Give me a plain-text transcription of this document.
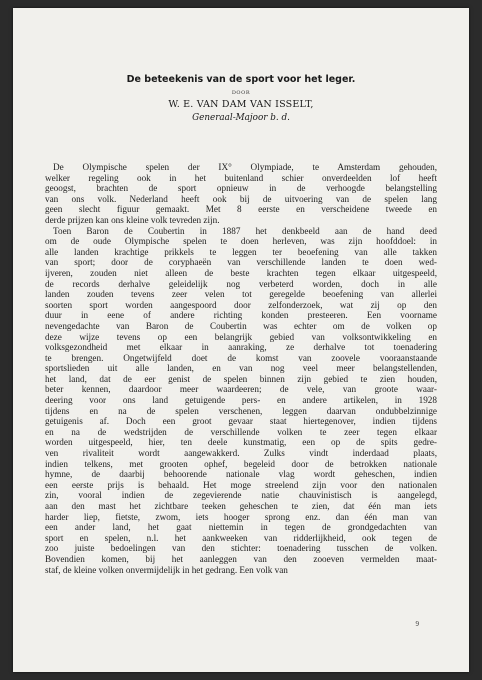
De beteekenis van de sport voor het leger.
DOOR
W. E. VAN DAM VAN ISSELT,
Generaal-Majoor b. d.
De Olympische spelen der IX° Olympiade, te Amsterdam gehouden,
welker regeling ook in het buitenland schier onverdeelden lof heeft
geoogst, brachten de sport opnieuw in de verhoogde belangstelling
van ons volk. Nederland heeft ook bij de uitvoering van de spelen lang
geen slecht figuur gemaakt. Met 8 eerste en verscheidene tweede en
derde prijzen kan ons kleine volk tevreden zijn.
Toen Baron de Coubertin in 1887 het denkbeeld aan de hand deed
om de oude Olympische spelen te doen herleven, was zijn hoofddoel: in
alle landen krachtige prikkels te leggen ter beoefening van alle takken
van sport; door de coryphaeën van verschillende landen te doen wed-
ijveren, zouden niet alleen de beste krachten tegen elkaar uitgespeeld,
de records derhalve geleidelijk nog verbeterd worden, doch in alle
landen zouden tevens zeer velen tot geregelde beoefening van allerlei
soorten sport worden aangespoord door zelfonderzoek, wat zij op den
duur in eene of andere richting konden presteeren. Een voorname
nevengedachte van Baron de Coubertin was echter om de volken op
deze wijze tevens op een belangrijk gebied van volksontwikkeling en
volksgezondheid met elkaar in aanraking, ze derhalve tot toenadering
te brengen. Ongetwijfeld doet de komst van zoovele vooraanstaande
sportslieden uit alle landen, en van nog veel meer belangstellenden,
het land, dat de eer genist de spelen binnen zijn gebied te zien houden,
beter kennen, daardoor meer waardeeren; de vele, van groote waar-
deering voor ons land getuigende pers- en andere artikelen, in 1928
tijdens en na de spelen verschenen, leggen daarvan ondubbelzinnige
getuigenis af. Doch een groot gevaar staat hiertegenover, indien tijdens
en na de wedstrijden de verschillende volken te zeer tegen elkaar
worden uitgespeeld, hier, ten deele kunstmatig, een op de spits gedre-
ven rivaliteit wordt aangewakkerd. Zulks vindt inderdaad plaats,
indien telkens, met grooten ophef, begeleid door de betrokken nationale
hymne, de daarbij behoorende nationale vlag wordt geheschen, indien
een eerste prijs is behaald. Het moge streelend zijn voor den nationalen
zin, vooral indien de zegevierende natie chauvinistisch is aangelegd,
aan den mast het zichtbare teeken geheschen te zien, dat één man iets
harder liep, fietste, zwom, iets hooger sprong enz. dan één man van
een ander land, het gaat niettemin in tegen de grondgedachten van
sport en spelen, n.l. het aankweeken van ridderlijkheid, ook tegen de
zoo juiste bedoelingen van den stichter: toenadering tusschen de volken.
Bovendien komen, bij het aanleggen van den zooeven vermelden maat-
staf, de kleine volken onvermijdelijk in het gedrang. Een volk van
9
